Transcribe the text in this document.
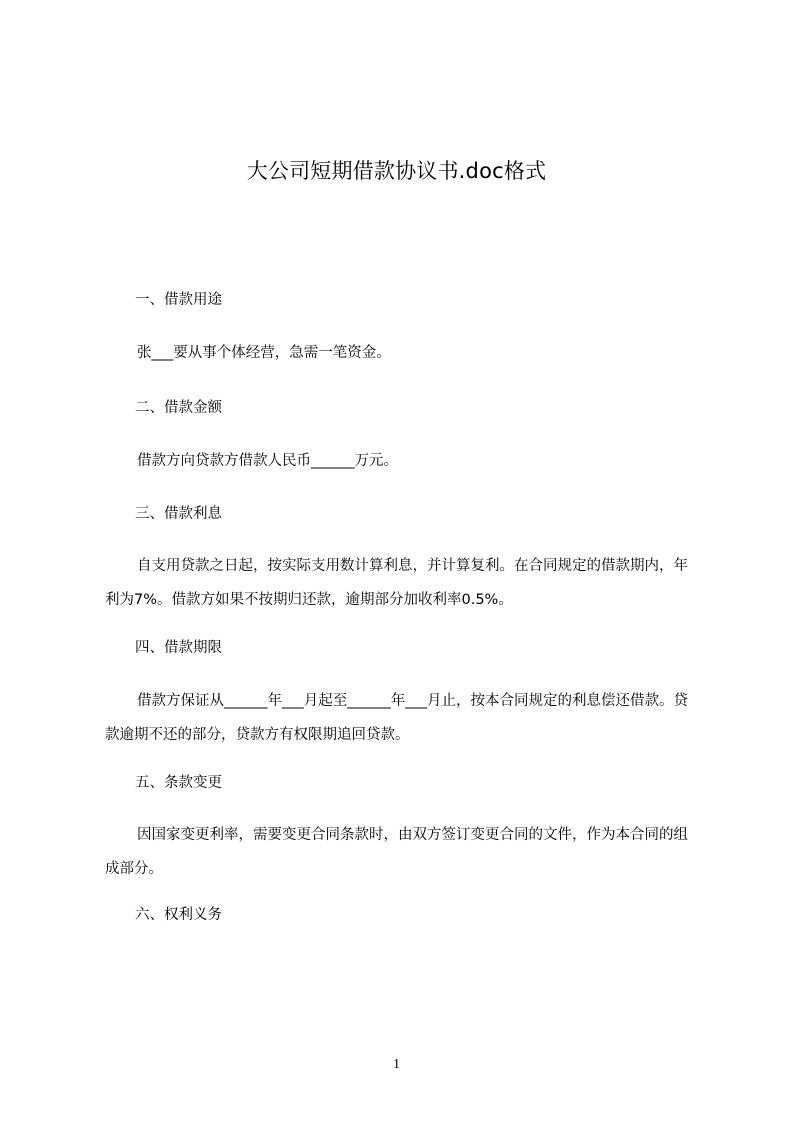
大公司短期借款协议书.doc格式

一、借款用途

张___要从事个体经营，急需一笔资金。

二、借款金额

借款方向贷款方借款人民币______万元。

三、借款利息

自支用贷款之日起，按实际支用数计算利息，并计算复利。在合同规定的借款期内，年利为7%。借款方如果不按期归还款，逾期部分加收利率0.5%。

四、借款期限

借款方保证从______年___月起至______年___月止，按本合同规定的利息偿还借款。贷款逾期不还的部分，贷款方有权限期追回贷款。

五、条款变更

因国家变更利率，需要变更合同条款时，由双方签订变更合同的文件，作为本合同的组成部分。

六、权利义务

1
